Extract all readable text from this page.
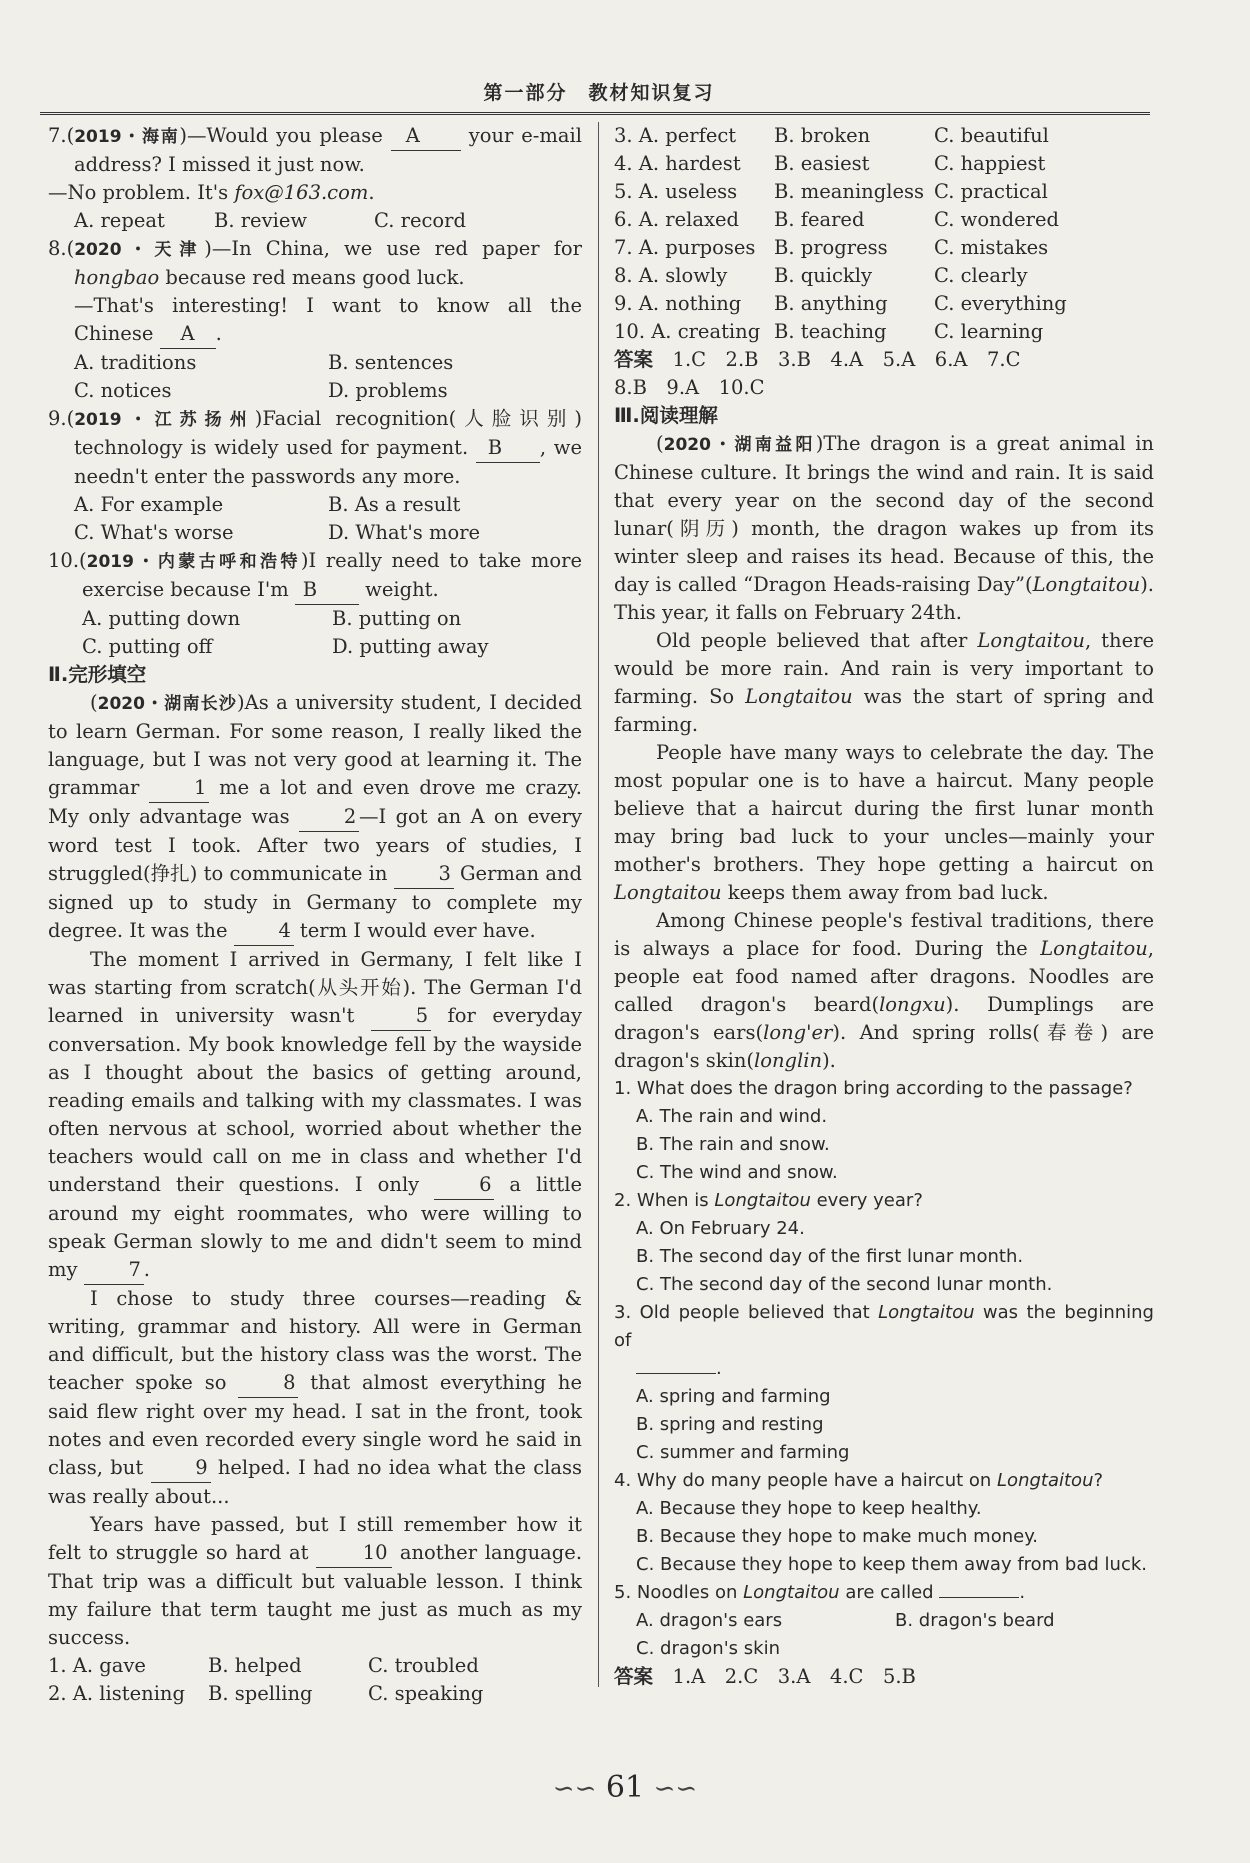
第一部分　教材知识复习

7.(2019・海南)—Would you please A	your e-mail address? I missed it just now.

—No problem. It's fox@163.com.

A. repeat	B. review	C. record

8.(2020・天津)—In China, we use red paper for hongbao because red means good luck.

—That's interesting! I want to know all the Chinese A .

A. traditions	B. sentences
C. notices	D. problems

9.(2019・江苏扬州)Facial recognition(人脸识别) technology is widely used for payment. B , we needn't enter the passwords any more.

A. For example	B. As a result
C. What's worse	D. What's more

10.(2019・内蒙古呼和浩特)I really need to take more exercise because I'm B weight.

A. putting down	B. putting on
C. putting off	D. putting away

Ⅱ.完形填空

(2020・湖南长沙)As a university student, I decided to learn German. For some reason, I really liked the language, but I was not very good at learning it. The grammar	1 me a lot and even drove me crazy. My only advantage was	2 —I got an A on every word test I took. After two years of studies, I struggled(挣扎) to communicate in	3 German and signed up to study in Germany to complete my degree. It was the	4 term I would ever have.

The moment I arrived in Germany, I felt like I was starting from scratch(从头开始). The German I'd learned in university wasn't	5 for everyday conversation. My book knowledge fell by the wayside as I thought about the basics of getting around, reading emails and talking with my classmates. I was often nervous at school, worried about whether the teachers would call on me in class and whether I'd understand their questions. I only	6 a little around my eight roommates, who were willing to speak German slowly to me and didn't seem to mind my	7 .

I chose to study three courses—reading & writing, grammar and history. All were in German and difficult, but the history class was the worst. The teacher spoke so	8 that almost everything he said flew right over my head. I sat in the front, took notes and even recorded every single word he said in class, but	9 helped. I had no idea what the class was really about...

Years have passed, but I still remember how it felt to struggle so hard at	10 another language. That trip was a difficult but valuable lesson. I think my failure that term taught me just as much as my success.

1. A. gave	B. helped	C. troubled
2. A. listening	B. spelling	C. speaking
3. A. perfect	B. broken	C. beautiful
4. A. hardest	B. easiest	C. happiest
5. A. useless	B. meaningless C. practical
6. A. relaxed	B. feared	C. wondered
7. A. purposes B. progress	C. mistakes
8. A. slowly	B. quickly	C. clearly
9. A. nothing	B. anything	C. everything
10. A. creating B. teaching	C. learning

答案　 1.C　2.B　3.B　4.A　5.A　6.A　7.C

8.B　9.A　10.C

Ⅲ.阅读理解

(2020・湖南益阳)The dragon is a great animal in Chinese culture. It brings the wind and rain. It is said that every year on the second day of the second lunar(阴历) month, the dragon wakes up from its winter sleep and raises its head. Because of this, the day is called “Dragon Heads-raising Day”(Longtaitou). This year, it falls on February 24th.

Old people believed that after Longtaitou, there would be more rain. And rain is very important to farming. So Longtaitou was the start of spring and farming.

People have many ways to celebrate the day. The most popular one is to have a haircut. Many people believe that a haircut during the first lunar month may bring bad luck to your uncles—mainly your mother's brothers. They hope getting a haircut on Longtaitou keeps them away from bad luck.

Among Chinese people's festival traditions, there is always a place for food. During the Longtaitou, people eat food named after dragons. Noodles are called dragon's beard(longxu). Dumplings are dragon's ears(long'er). And spring rolls(春卷) are dragon's skin(longlin).

1. What does the dragon bring according to the passage?

A. The rain and wind.

B. The rain and snow.

C. The wind and snow.

2. When is Longtaitou every year?

A. On February 24.

B. The second day of the first lunar month.

C. The second day of the second lunar month.

3. Old people believed that Longtaitou was the beginning of

.

A. spring and farming

B. spring and resting

C. summer and farming

4. Why do many people have a haircut on Longtaitou?

A. Because they hope to keep healthy.

B. Because they hope to make much money.

C. Because they hope to keep them away from bad luck.

5. Noodles on Longtaitou are called	.

A. dragon's ears	B. dragon's beard

C. dragon's skin

答案　 1.A　2.C　3.A　4.C　5.B

∽∽ 61 ∽∽
